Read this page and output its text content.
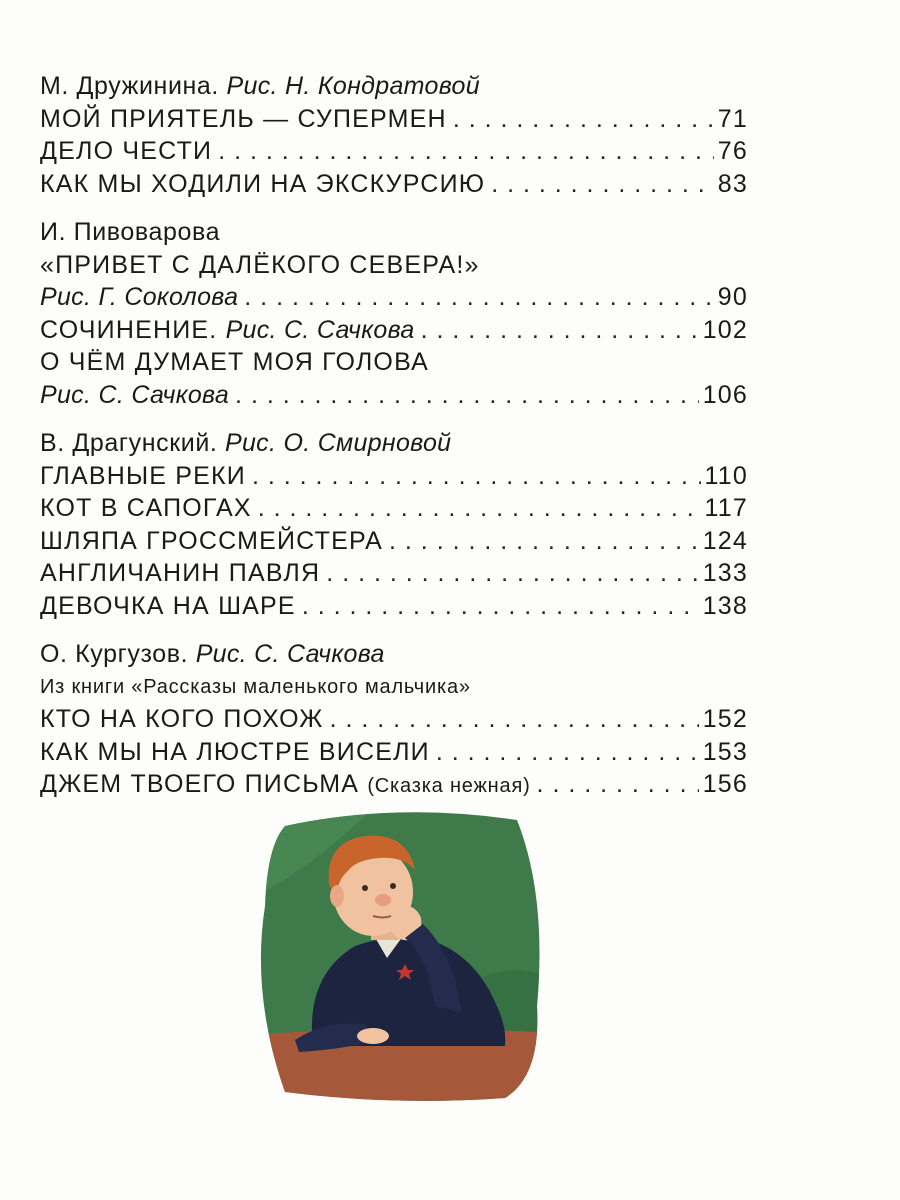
М. Дружинина. Рис. Н. Кондратовой
МОЙ ПРИЯТЕЛЬ — СУПЕРМЕН . . .	71
ДЕЛО ЧЕСТИ . . .	76
КАК МЫ ХОДИЛИ НА ЭКСКУРСИЮ . . .	83
И. Пивоварова
«ПРИВЕТ С ДАЛЁКОГО СЕВЕРА!»
Рис. Г. Соколова . . .	90
СОЧИНЕНИЕ. Рис. С. Сачкова . . .	102
О ЧЁМ ДУМАЕТ МОЯ ГОЛОВА
Рис. С. Сачкова . . .	106
В. Драгунский. Рис. О. Смирновой
ГЛАВНЫЕ РЕКИ . . .	110
КОТ В САПОГАХ . . .	117
ШЛЯПА ГРОССМЕЙСТЕРА . . .	124
АНГЛИЧАНИН ПАВЛЯ . . .	133
ДЕВОЧКА НА ШАРЕ . . .	138
О. Кургузов. Рис. С. Сачкова
Из книги «Рассказы маленького мальчика»
КТО НА КОГО ПОХОЖ . . .	152
КАК МЫ НА ЛЮСТРЕ ВИСЕЛИ . . .	153
ДЖЕМ ТВОЕГО ПИСЬМА (Сказка нежная) . . .	156
